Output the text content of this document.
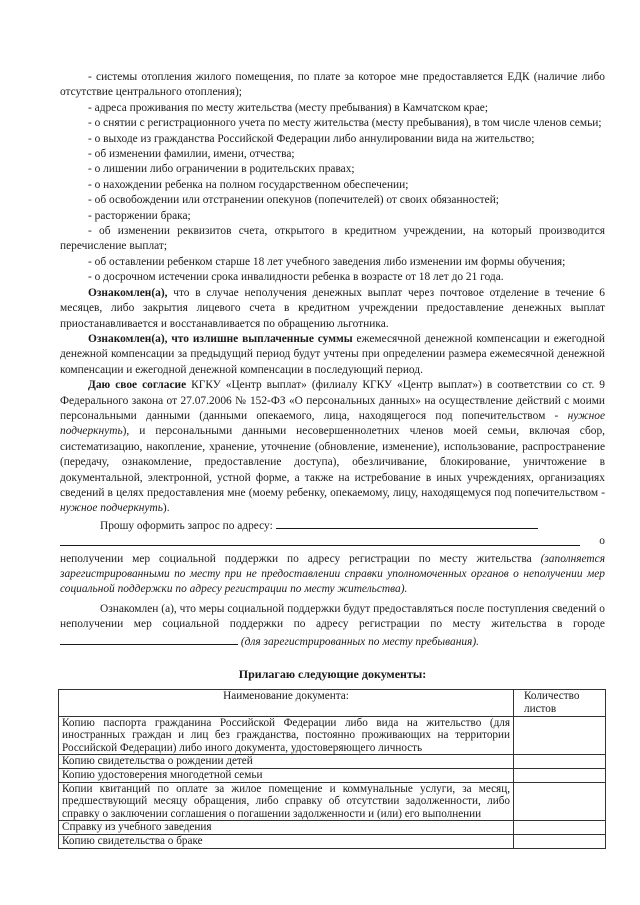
- системы отопления жилого помещения, по плате за которое мне предоставляется ЕДК (наличие либо отсутствие центрального отопления);

- адреса проживания по месту жительства (месту пребывания) в Камчатском крае;

- о снятии с регистрационного учета по месту жительства (месту пребывания), в том числе членов семьи;

- о выходе из гражданства Российской Федерации либо аннулировании вида на жительство;

- об изменении фамилии, имени, отчества;

- о лишении либо ограничении в родительских правах;

- о нахождении ребенка на полном государственном обеспечении;

- об освобождении или отстранении опекунов (попечителей) от своих обязанностей;

- расторжении брака;

- об изменении реквизитов счета, открытого в кредитном учреждении, на который производится перечисление выплат;

- об оставлении ребенком старше 18 лет учебного заведения либо изменении им формы обучения;

- о досрочном истечении срока инвалидности ребенка в возрасте от 18 лет до 21 года.

Ознакомлен(а), что в случае неполучения денежных выплат через почтовое отделение в течение 6 месяцев, либо закрытия лицевого счета в кредитном учреждении предоставление денежных выплат приостанавливается и восстанавливается по обращению льготника.

Ознакомлен(а), что излишне выплаченные суммы ежемесячной денежной компенсации и ежегодной денежной компенсации за предыдущий период будут учтены при определении размера ежемесячной денежной компенсации и ежегодной денежной компенсации в последующий период.

Даю свое согласие КГКУ «Центр выплат» (филиалу КГКУ «Центр выплат») в соответствии со ст. 9 Федерального закона от 27.07.2006 № 152-ФЗ «О персональных данных» на осуществление действий с моими персональными данными (данными опекаемого, лица, находящегося под попечительством - нужное подчеркнуть), и персональными данными несовершеннолетних членов моей семьи, включая сбор, систематизацию, накопление, хранение, уточнение (обновление, изменение), использование, распространение (передачу, ознакомление, предоставление доступа), обезличивание, блокирование, уничтожение в документальной, электронной, устной форме, а также на истребование в иных учреждениях, организациях сведений в целях предоставления мне (моему ребенку, опекаемому, лицу, находящемуся под попечительством - нужное подчеркнуть).

Прошу оформить запрос по адресу:

о

неполучении мер социальной поддержки по адресу регистрации по месту жительства (заполняется зарегистрированными по месту при не предоставлении справки уполномоченных органов о неполучении мер социальной поддержки по адресу регистрации по месту жительства).

Ознакомлен (а), что меры социальной поддержки будут предоставляться после поступления сведений о неполучении мер социальной поддержки по адресу регистрации по месту жительства в городе (для зарегистрированных по месту пребывания).

Прилагаю следующие документы:
Наименование документа:	Количество листов
Копию паспорта гражданина Российской Федерации либо вида на жительство (для иностранных граждан и лиц без гражданства, постоянно проживающих на территории Российской Федерации) либо иного документа, удостоверяющего личность	
Копию свидетельства о рождении детей	
Копию удостоверения многодетной семьи	
Копии квитанций по оплате за жилое помещение и коммунальные услуги, за месяц, предшествующий месяцу обращения, либо справку об отсутствии задолженности, либо справку о заключении соглашения о погашении задолженности и (или) его выполнении	
Справку из учебного заведения	
Копию свидетельства о браке	
